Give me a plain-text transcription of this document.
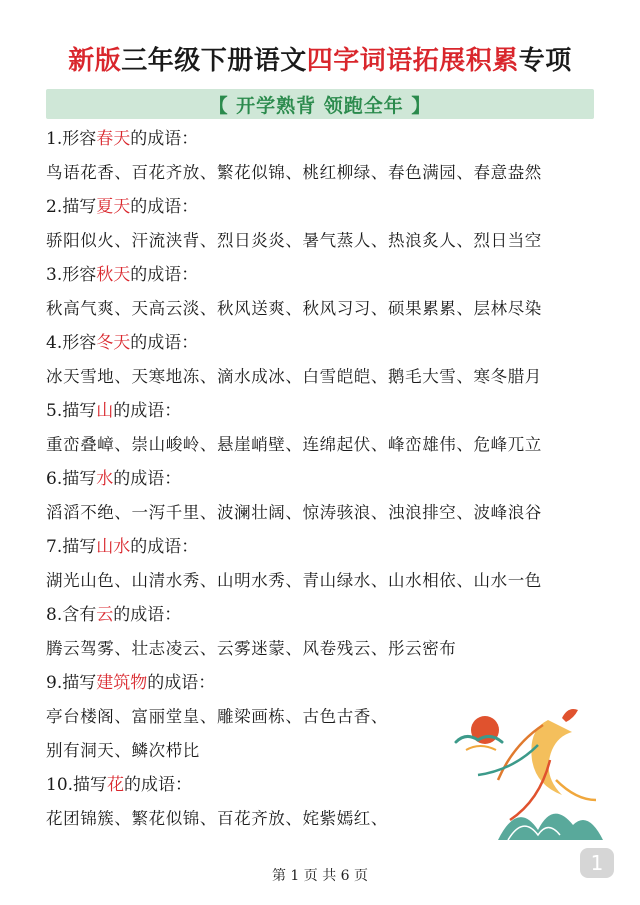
新版三年级下册语文四字词语拓展积累专项
【 开学熟背 领跑全年 】
1.形容春天的成语：
鸟语花香、百花齐放、繁花似锦、桃红柳绿、春色满园、春意盎然
2.描写夏天的成语：
骄阳似火、汗流浃背、烈日炎炎、暑气蒸人、热浪炙人、烈日当空
3.形容秋天的成语：
秋高气爽、天高云淡、秋风送爽、秋风习习、硕果累累、层林尽染
4.形容冬天的成语：
冰天雪地、天寒地冻、滴水成冰、白雪皑皑、鹅毛大雪、寒冬腊月
5.描写山的成语：
重峦叠嶂、崇山峻岭、悬崖峭壁、连绵起伏、峰峦雄伟、危峰兀立
6.描写水的成语：
滔滔不绝、一泻千里、波澜壮阔、惊涛骇浪、浊浪排空、波峰浪谷
7.描写山水的成语：
湖光山色、山清水秀、山明水秀、青山绿水、山水相依、山水一色
8.含有云的成语：
腾云驾雾、壮志凌云、云雾迷蒙、风卷残云、彤云密布
9.描写建筑物的成语：
亭台楼阁、富丽堂皇、雕梁画栋、古色古香、
别有洞天、鳞次栉比
10.描写花的成语：
花团锦簇、繁花似锦、百花齐放、姹紫嫣红、
第 1 页 共 6 页
1
